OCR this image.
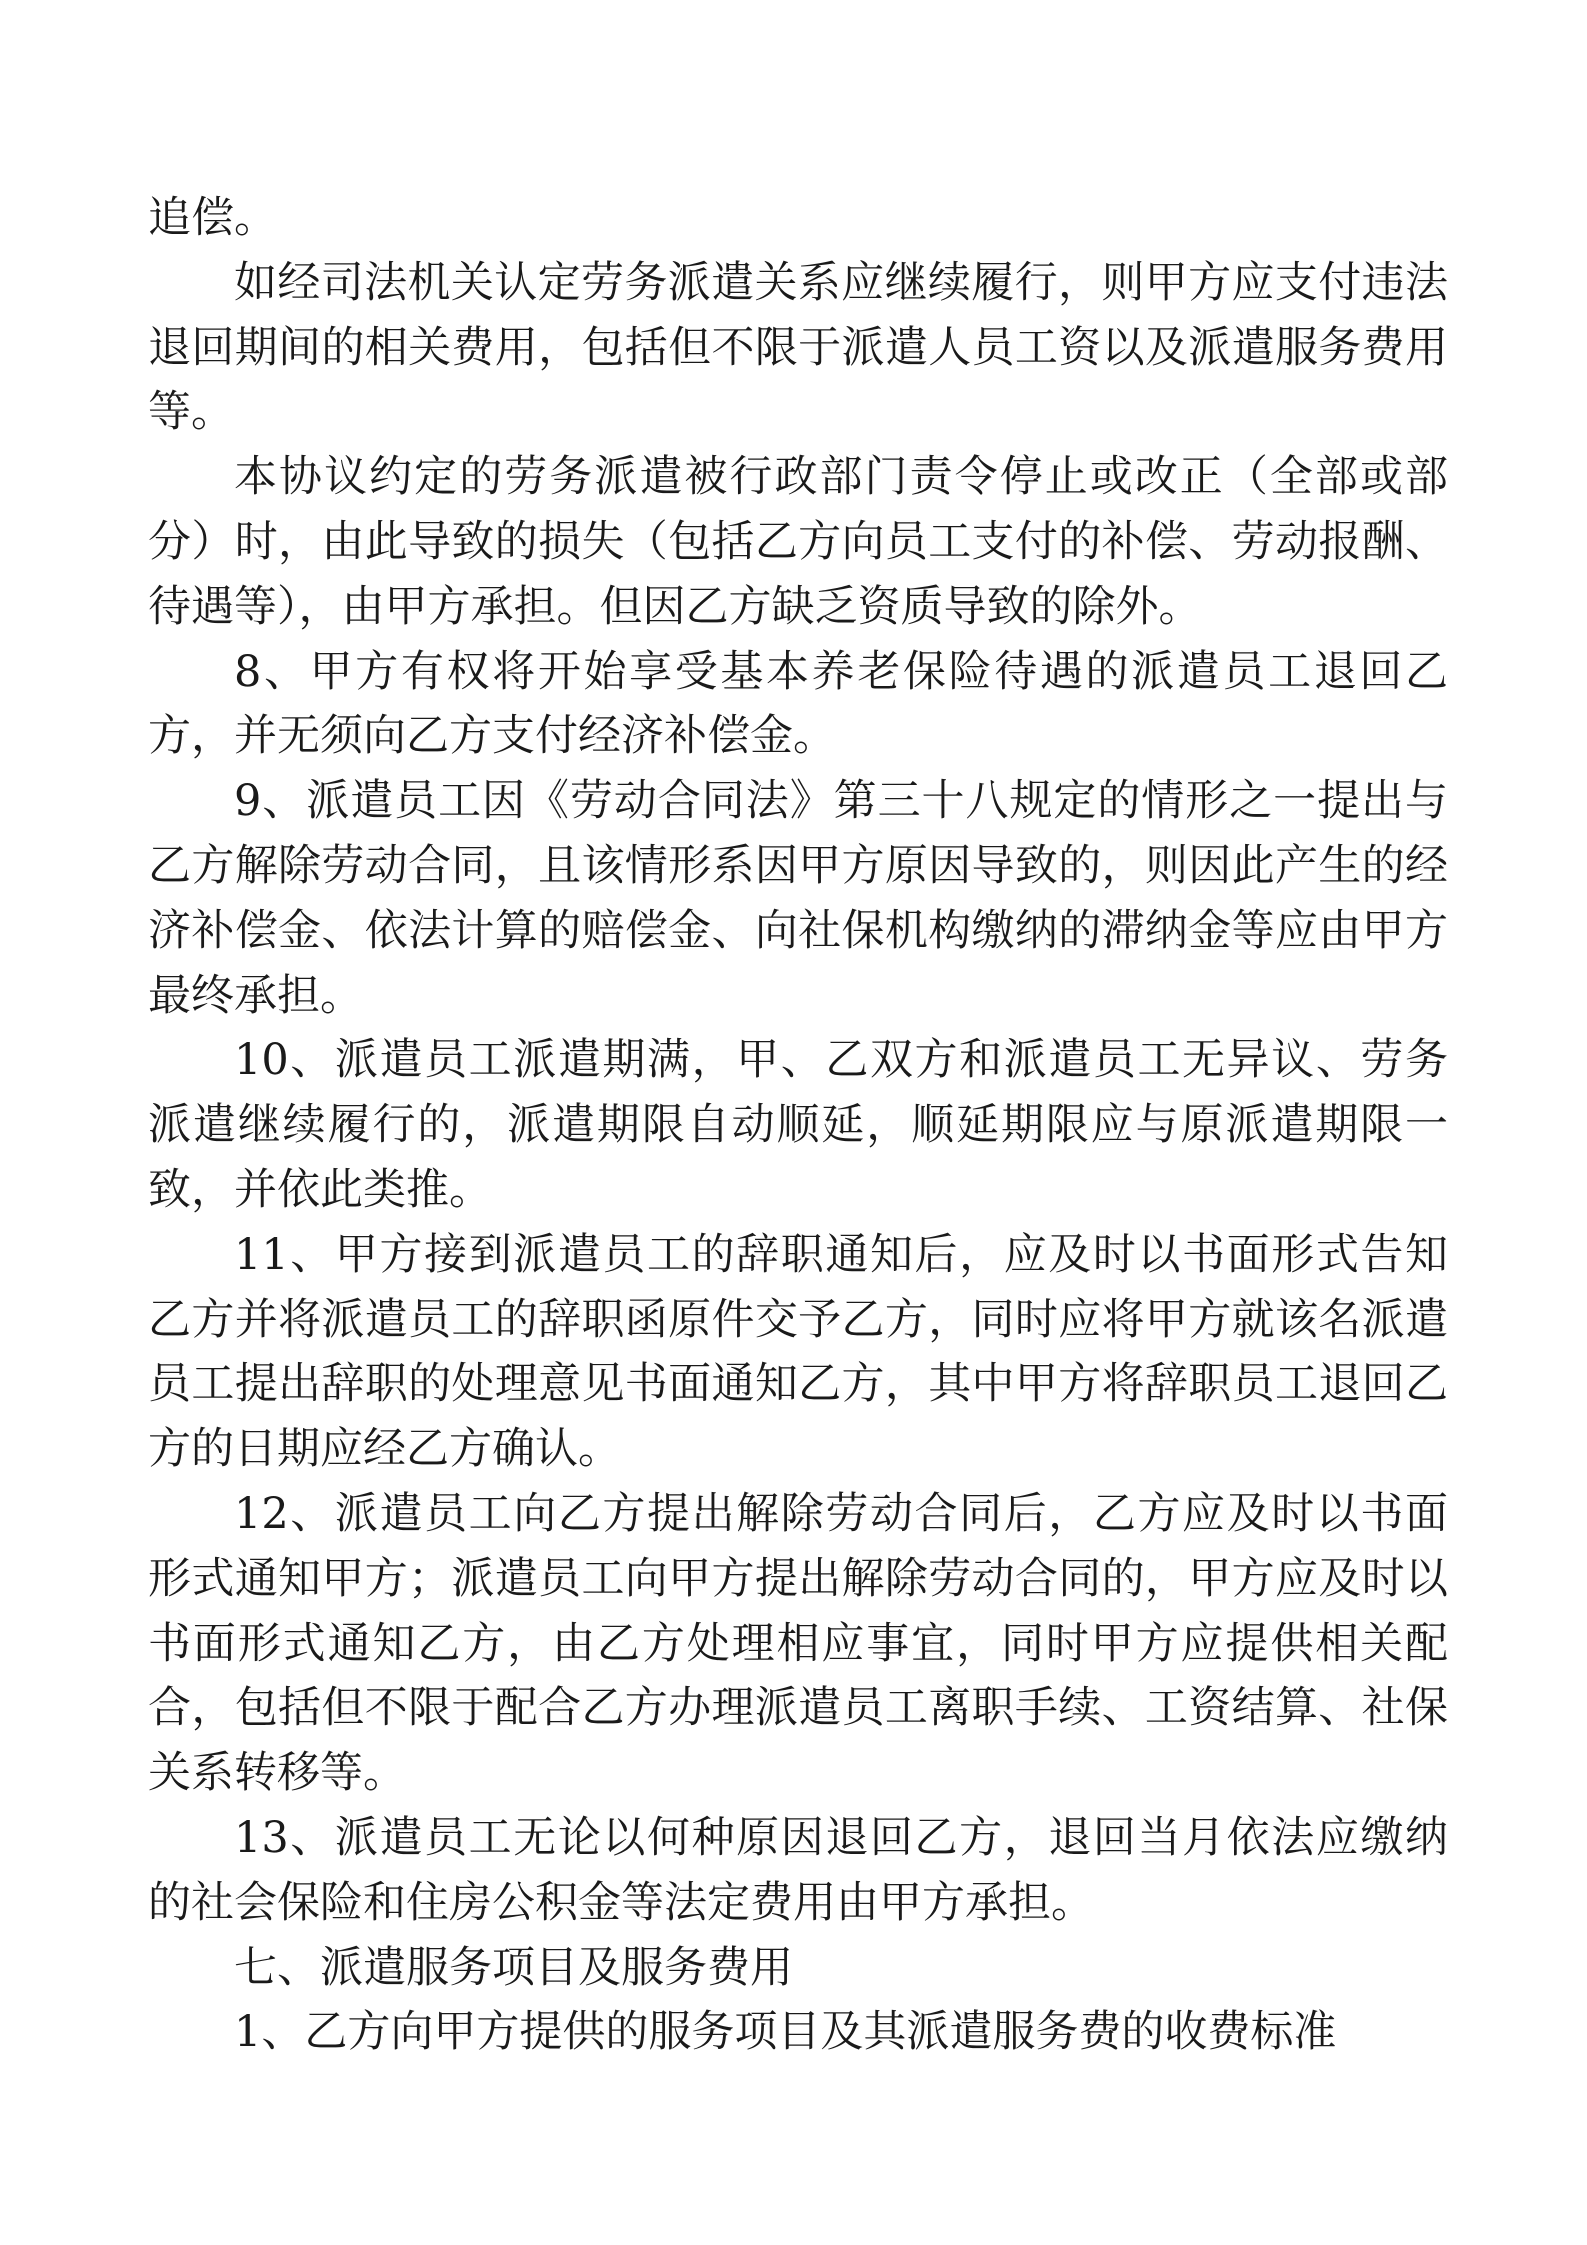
追偿。

如经司法机关认定劳务派遣关系应继续履行，则甲方应支付违法退回期间的相关费用，包括但不限于派遣人员工资以及派遣服务费用等。

本协议约定的劳务派遣被行政部门责令停止或改正（全部或部分）时，由此导致的损失（包括乙方向员工支付的补偿、劳动报酬、待遇等），由甲方承担。但因乙方缺乏资质导致的除外。

8、甲方有权将开始享受基本养老保险待遇的派遣员工退回乙方，并无须向乙方支付经济补偿金。

9、派遣员工因《劳动合同法》第三十八规定的情形之一提出与乙方解除劳动合同，且该情形系因甲方原因导致的，则因此产生的经济补偿金、依法计算的赔偿金、向社保机构缴纳的滞纳金等应由甲方最终承担。

10、派遣员工派遣期满，甲、乙双方和派遣员工无异议、劳务派遣继续履行的，派遣期限自动顺延，顺延期限应与原派遣期限一致，并依此类推。

11、甲方接到派遣员工的辞职通知后，应及时以书面形式告知乙方并将派遣员工的辞职函原件交予乙方，同时应将甲方就该名派遣员工提出辞职的处理意见书面通知乙方，其中甲方将辞职员工退回乙方的日期应经乙方确认。

12、派遣员工向乙方提出解除劳动合同后，乙方应及时以书面形式通知甲方；派遣员工向甲方提出解除劳动合同的，甲方应及时以书面形式通知乙方，由乙方处理相应事宜，同时甲方应提供相关配合，包括但不限于配合乙方办理派遣员工离职手续、工资结算、社保关系转移等。

13、派遣员工无论以何种原因退回乙方，退回当月依法应缴纳的社会保险和住房公积金等法定费用由甲方承担。

七、派遣服务项目及服务费用

1、乙方向甲方提供的服务项目及其派遣服务费的收费标准
